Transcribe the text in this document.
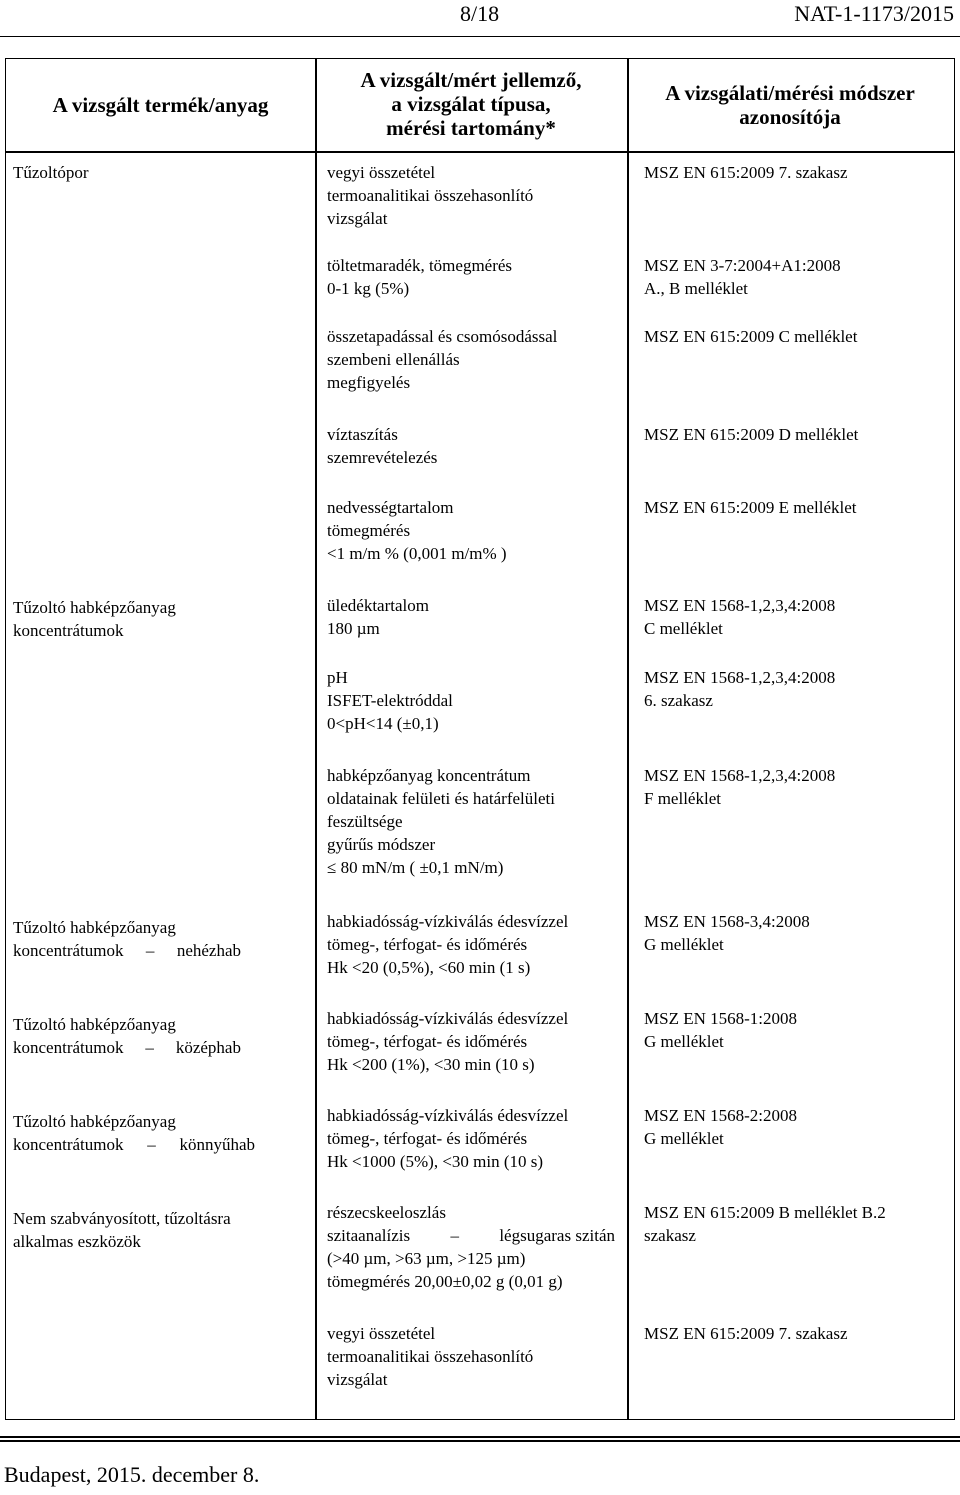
8/18	NAT-1-1173/2015
A vizsgált termék/anyag
A vizsgált/mért jellemző,
a vizsgálat típusa,
mérési tartomány*
A vizsgálati/mérési módszer
azonosítója
Tűzoltópor
Tűzoltó habképzőanyag
koncentrátumok
Tűzoltó habképzőanyag
koncentrátumok – nehézhab
Tűzoltó habképzőanyag
koncentrátumok – középhab
Tűzoltó habképzőanyag
koncentrátumok – könnyűhab
Nem szabványosított, tűzoltásra
alkalmas eszközök
vegyi összetétel
termoanalitikai összehasonlító
vizsgálat
töltetmaradék, tömegmérés
0-1 kg (5%)
összetapadással és csomósodással
szembeni ellenállás
megfigyelés
víztaszítás
szemrevételezés
nedvességtartalom
tömegmérés
<1 m/m % (0,001 m/m% )
üledéktartalom
180 µm
pH
ISFET-elektróddal
0<pH<14 (±0,1)
habképzőanyag koncentrátum
oldatainak felületi és határfelületi
feszültsége
gyűrűs módszer
≤ 80 mN/m ( ±0,1 mN/m)
habkiadósság-vízkiválás édesvízzel
tömeg-, térfogat- és időmérés
Hk <20 (0,5%), <60 min (1 s)
habkiadósság-vízkiválás édesvízzel
tömeg-, térfogat- és időmérés
Hk <200 (1%), <30 min (10 s)
habkiadósság-vízkiválás édesvízzel
tömeg-, térfogat- és időmérés
Hk <1000 (5%), <30 min (10 s)
részecskeeloszlás
szitaanalízis – légsugaras szitán
(>40 µm, >63 µm, >125 µm)
tömegmérés 20,00±0,02 g (0,01 g)
vegyi összetétel
termoanalitikai összehasonlító
vizsgálat
MSZ EN 615:2009 7. szakasz
MSZ EN 3-7:2004+A1:2008
A., B melléklet
MSZ EN 615:2009 C melléklet
MSZ EN 615:2009 D melléklet
MSZ EN 615:2009 E melléklet
MSZ EN 1568-1,2,3,4:2008
C melléklet
MSZ EN 1568-1,2,3,4:2008
6. szakasz
MSZ EN 1568-1,2,3,4:2008
F melléklet
MSZ EN 1568-3,4:2008
G melléklet
MSZ EN 1568-1:2008
G melléklet
MSZ EN 1568-2:2008
G melléklet
MSZ EN 615:2009 B melléklet B.2
szakasz
MSZ EN 615:2009 7. szakasz
Budapest, 2015. december 8.
